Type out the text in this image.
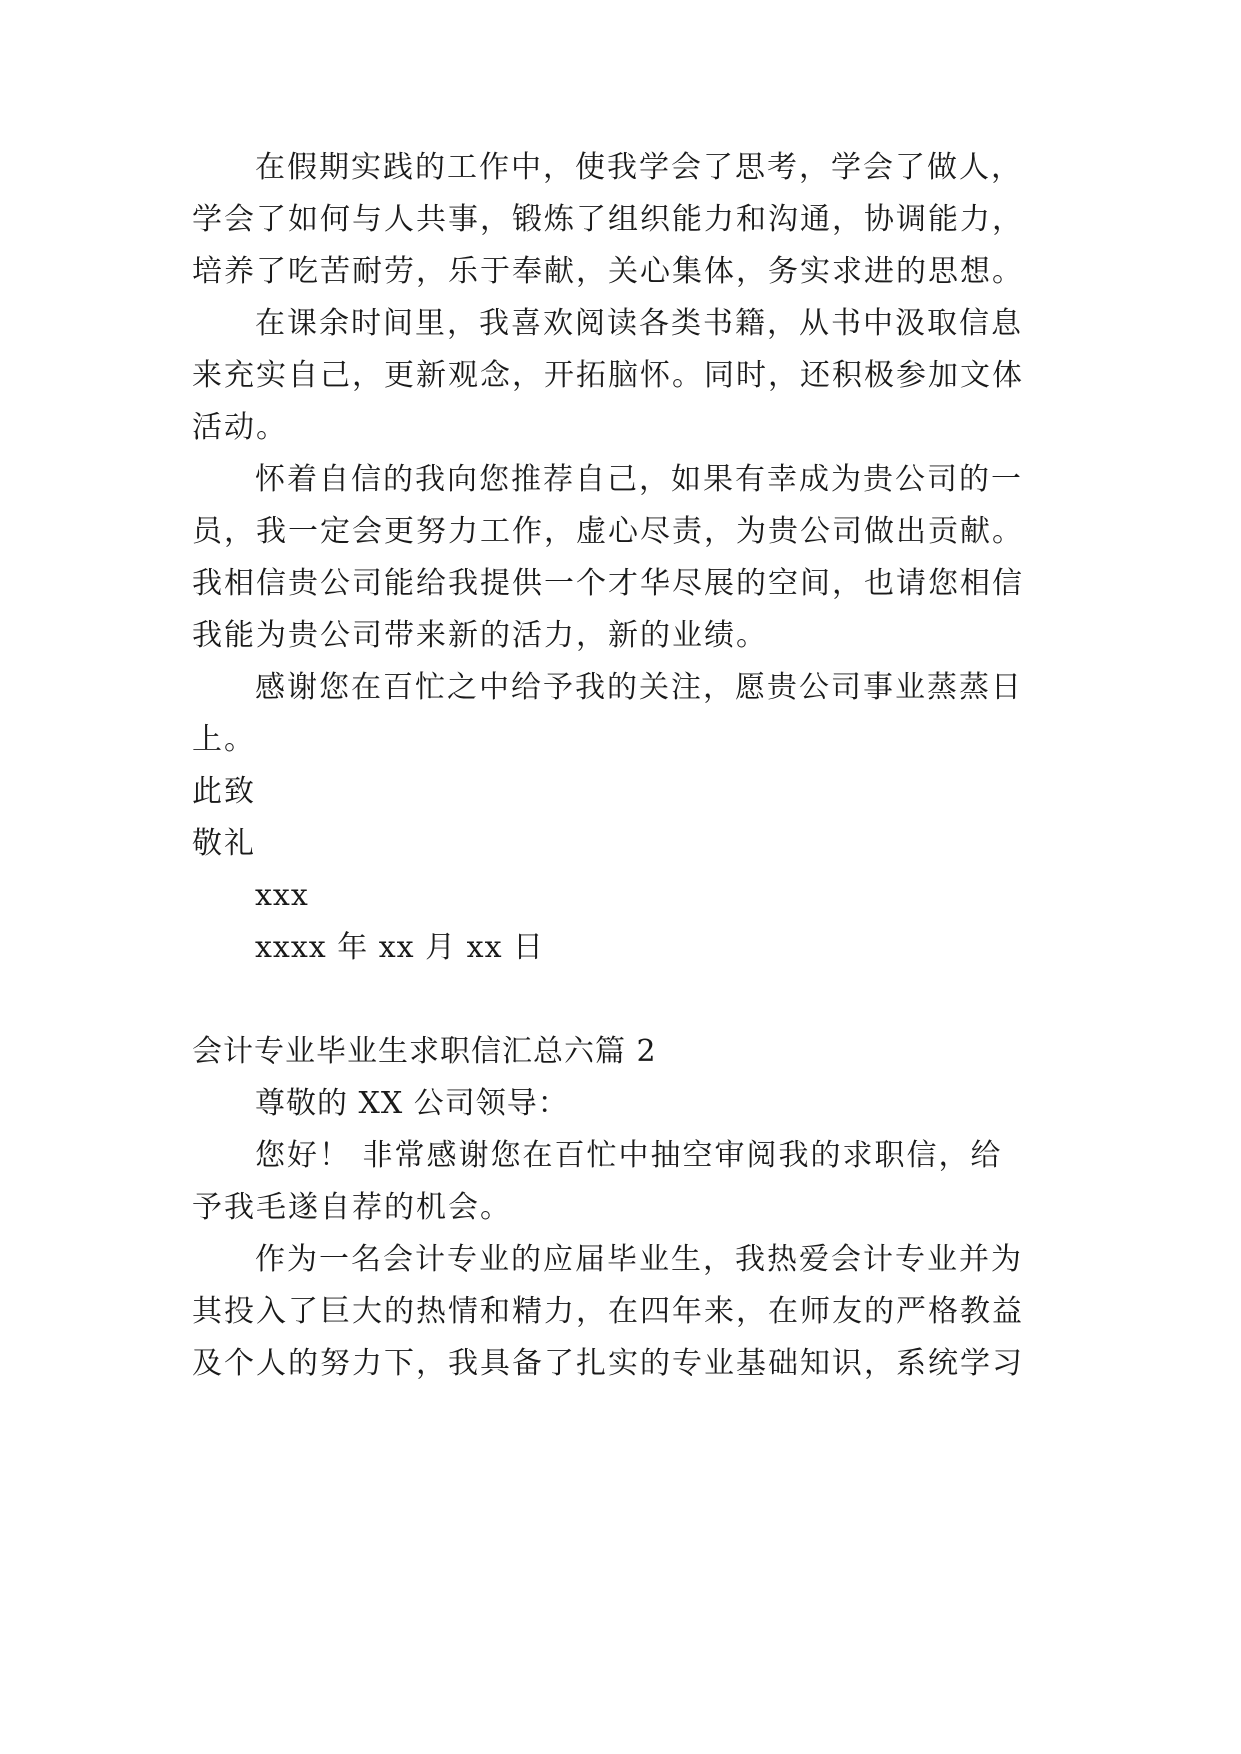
在假期实践的工作中，使我学会了思考，学会了做人，
学会了如何与人共事，锻炼了组织能力和沟通，协调能力，
培养了吃苦耐劳，乐于奉献，关心集体，务实求进的思想。
在课余时间里，我喜欢阅读各类书籍，从书中汲取信息
来充实自己，更新观念，开拓脑怀。同时，还积极参加文体
活动。
怀着自信的我向您推荐自己，如果有幸成为贵公司的一
员，我一定会更努力工作，虚心尽责，为贵公司做出贡献。
我相信贵公司能给我提供一个才华尽展的空间，也请您相信
我能为贵公司带来新的活力，新的业绩。
感谢您在百忙之中给予我的关注，愿贵公司事业蒸蒸日
上。
此致
敬礼
xxx
xxxx 年 xx 月 xx 日
会计专业毕业生求职信汇总六篇 2
尊敬的 XX 公司领导：
您好！ 非常感谢您在百忙中抽空审阅我的求职信，给
予我毛遂自荐的机会。
作为一名会计专业的应届毕业生，我热爱会计专业并为
其投入了巨大的热情和精力，在四年来，在师友的严格教益
及个人的努力下，我具备了扎实的专业基础知识，系统学习
